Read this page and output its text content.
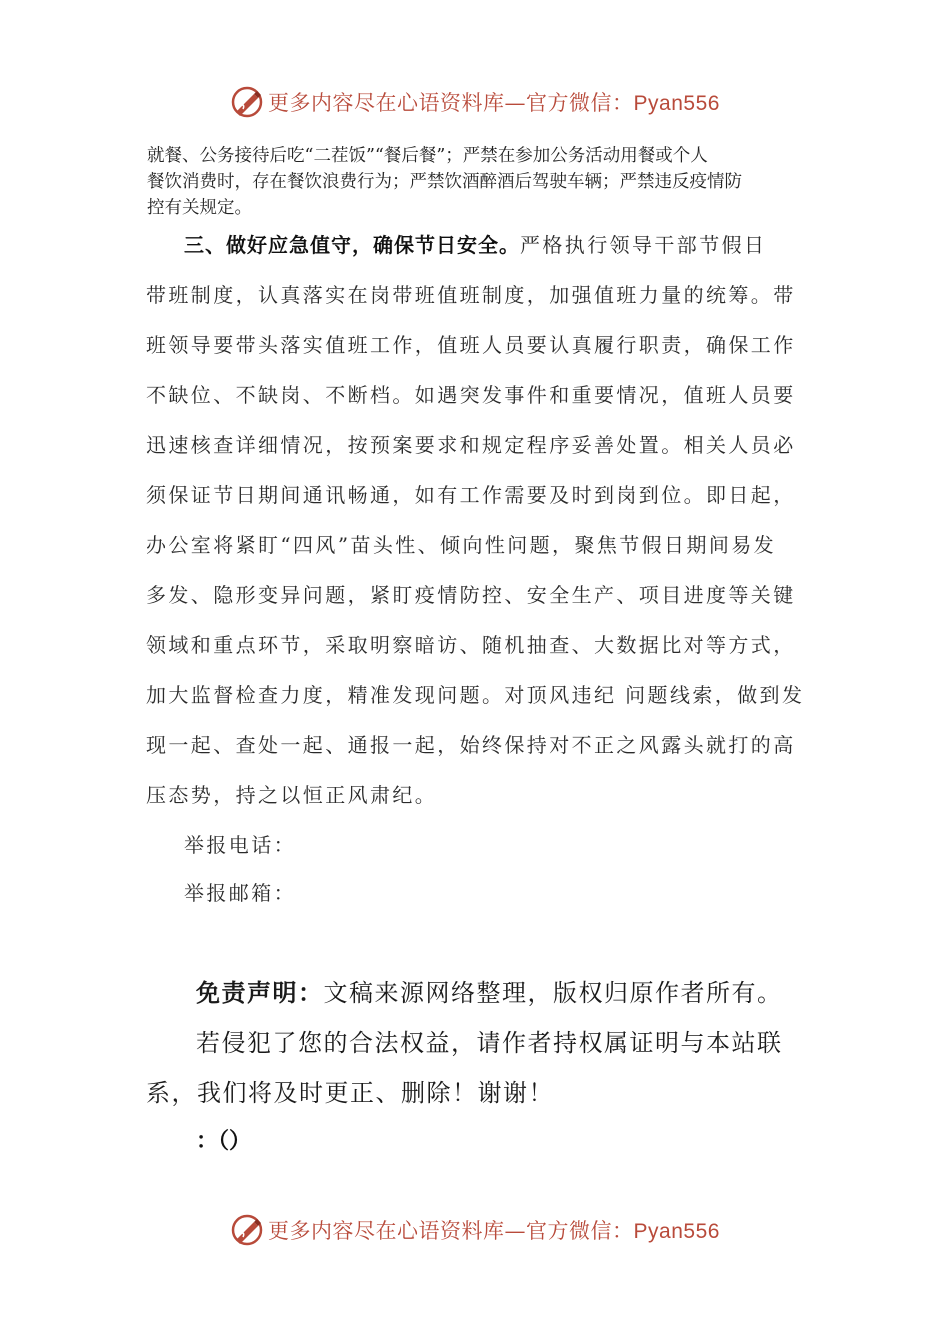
更多内容尽在心语资料库—官方微信：Pyan556

就餐、公务接待后吃“二茬饭”“餐后餐”；严禁在参加公务活动用餐或个人

餐饮消费时，存在餐饮浪费行为；严禁饮酒醉酒后驾驶车辆；严禁违反疫情防

控有关规定。

三、做好应急值守，确保节日安全。严格执行领导干部节假日
带班制度，认真落实在岗带班值班制度，加强值班力量的统筹。带
班领导要带头落实值班工作，值班人员要认真履行职责，确保工作
不缺位、不缺岗、不断档。如遇突发事件和重要情况，值班人员要
迅速核查详细情况，按预案要求和规定程序妥善处置。相关人员必
须保证节日期间通讯畅通，如有工作需要及时到岗到位。即日起，
办公室将紧盯“四风”苗头性、倾向性问题，聚焦节假日期间易发
多发、隐形变异问题，紧盯疫情防控、安全生产、项目进度等关键
领域和重点环节，采取明察暗访、随机抽查、大数据比对等方式，
加大监督检查力度，精准发现问题。对顶风违纪 问题线索，做到发
现一起、查处一起、通报一起，始终保持对不正之风露头就打的高
压态势，持之以恒正风肃纪。
举报电话：
举报邮箱：
免责声明：文稿来源网络整理，版权归原作者所有。
若侵犯了您的合法权益，请作者持权属证明与本站联
系，我们将及时更正、删除！谢谢！
：（）
更多内容尽在心语资料库—官方微信：Pyan556
